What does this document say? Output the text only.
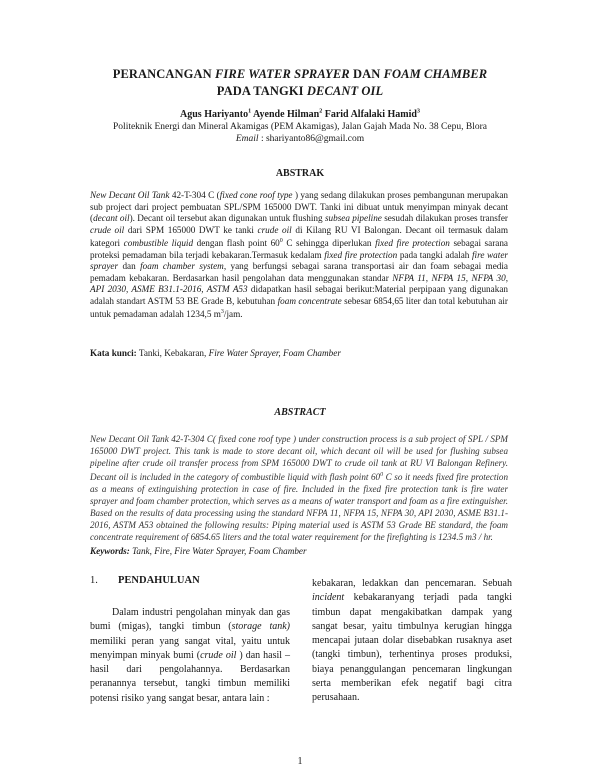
PERANCANGAN FIRE WATER SPRAYER DAN FOAM CHAMBER
PADA TANGKI DECANT OIL
Agus Hariyanto$^1$ Ayende Hilman$^2$ Farid Alfalaki Hamid$^3$
Politeknik Energi dan Mineral Akamigas (PEM Akamigas), Jalan Gajah Mada No. 38 Cepu, Blora
Email : shariyanto86@gmail.com
ABSTRAK
New Decant Oil Tank 42-T-304 C (fixed cone roof type ) yang sedang dilakukan proses pembangunan merupakan sub project dari project pembuatan SPL/SPM 165000 DWT. Tanki ini dibuat untuk menyimpan minyak decant (decant oil). Decant oil tersebut akan digunakan untuk flushing subsea pipeline sesudah dilakukan proses transfer crude oil dari SPM 165000 DWT ke tanki crude oil di Kilang RU VI Balongan. Decant oil termasuk dalam kategori combustible liquid dengan flash point $60^0$ C sehingga diperlukan fixed fire protection sebagai sarana proteksi pemadaman bila terjadi kebakaran.Termasuk kedalam fixed fire protection pada tangki adalah fire water sprayer dan foam chamber system, yang berfungsi sebagai sarana transportasi air dan foam sebagai media pemadam kebakaran. Berdasarkan hasil pengolahan data menggunakan standar NFPA 11, NFPA 15, NFPA 30, API 2030, ASME B31.1-2016, ASTM A53 didapatkan hasil sebagai berikut:Material perpipaan yang digunakan adalah standart ASTM 53 BE Grade B, kebutuhan foam concentrate sebesar 6854,65 liter dan total kebutuhan air untuk pemadaman adalah 1234,5 $m^3$/jam.
Kata kunci: Tanki, Kebakaran, Fire Water Sprayer, Foam Chamber
ABSTRACT
New Decant Oil Tank 42-T-304 C( fixed cone roof type ) under construction process is a sub project of SPL / SPM 165000 DWT project. This tank is made to store decant oil, which decant oil will be used for flushing subsea pipeline after crude oil transfer process from SPM 165000 DWT to crude oil tank at RU VI Balongan Refinery. Decant oil is included in the category of combustible liquid with flash point $60^0$ C so it needs fixed fire protection as a means of extinguishing protection in case of fire. Included in the fixed fire protection tank is fire water sprayer and foam chamber protection, which serves as a means of water transport and foam as a fire extinguisher. Based on the results of data processing using the standard NFPA 11, NFPA 15, NFPA 30, API 2030, ASME B31.1-2016, ASTM A53 obtained the following results: Piping material used is ASTM 53 Grade BE standard, the foam concentrate requirement of 6854.65 liters and the total water requirement for the firefighting is 1234.5 m3 / hr.
Keywords: Tank, Fire, Fire Water Sprayer, Foam Chamber
1. PENDAHULUAN
Dalam industri pengolahan minyak dan gas bumi (migas), tangki timbun (storage tank) memiliki peran yang sangat vital, yaitu untuk menyimpan minyak bumi (crude oil ) dan hasil – hasil dari pengolahannya. Berdasarkan peranannya tersebut, tangki timbun memiliki potensi risiko yang sangat besar, antara lain :
kebakaran, ledakkan dan pencemaran. Sebuah incident kebakaranyang terjadi pada tangki timbun dapat mengakibatkan dampak yang sangat besar, yaitu timbulnya kerugian hingga mencapai jutaan dolar disebabkan rusaknya aset (tangki timbun), terhentinya proses produksi, biaya penanggulangan pencemaran lingkungan serta memberikan efek negatif bagi citra perusahaan.
1
